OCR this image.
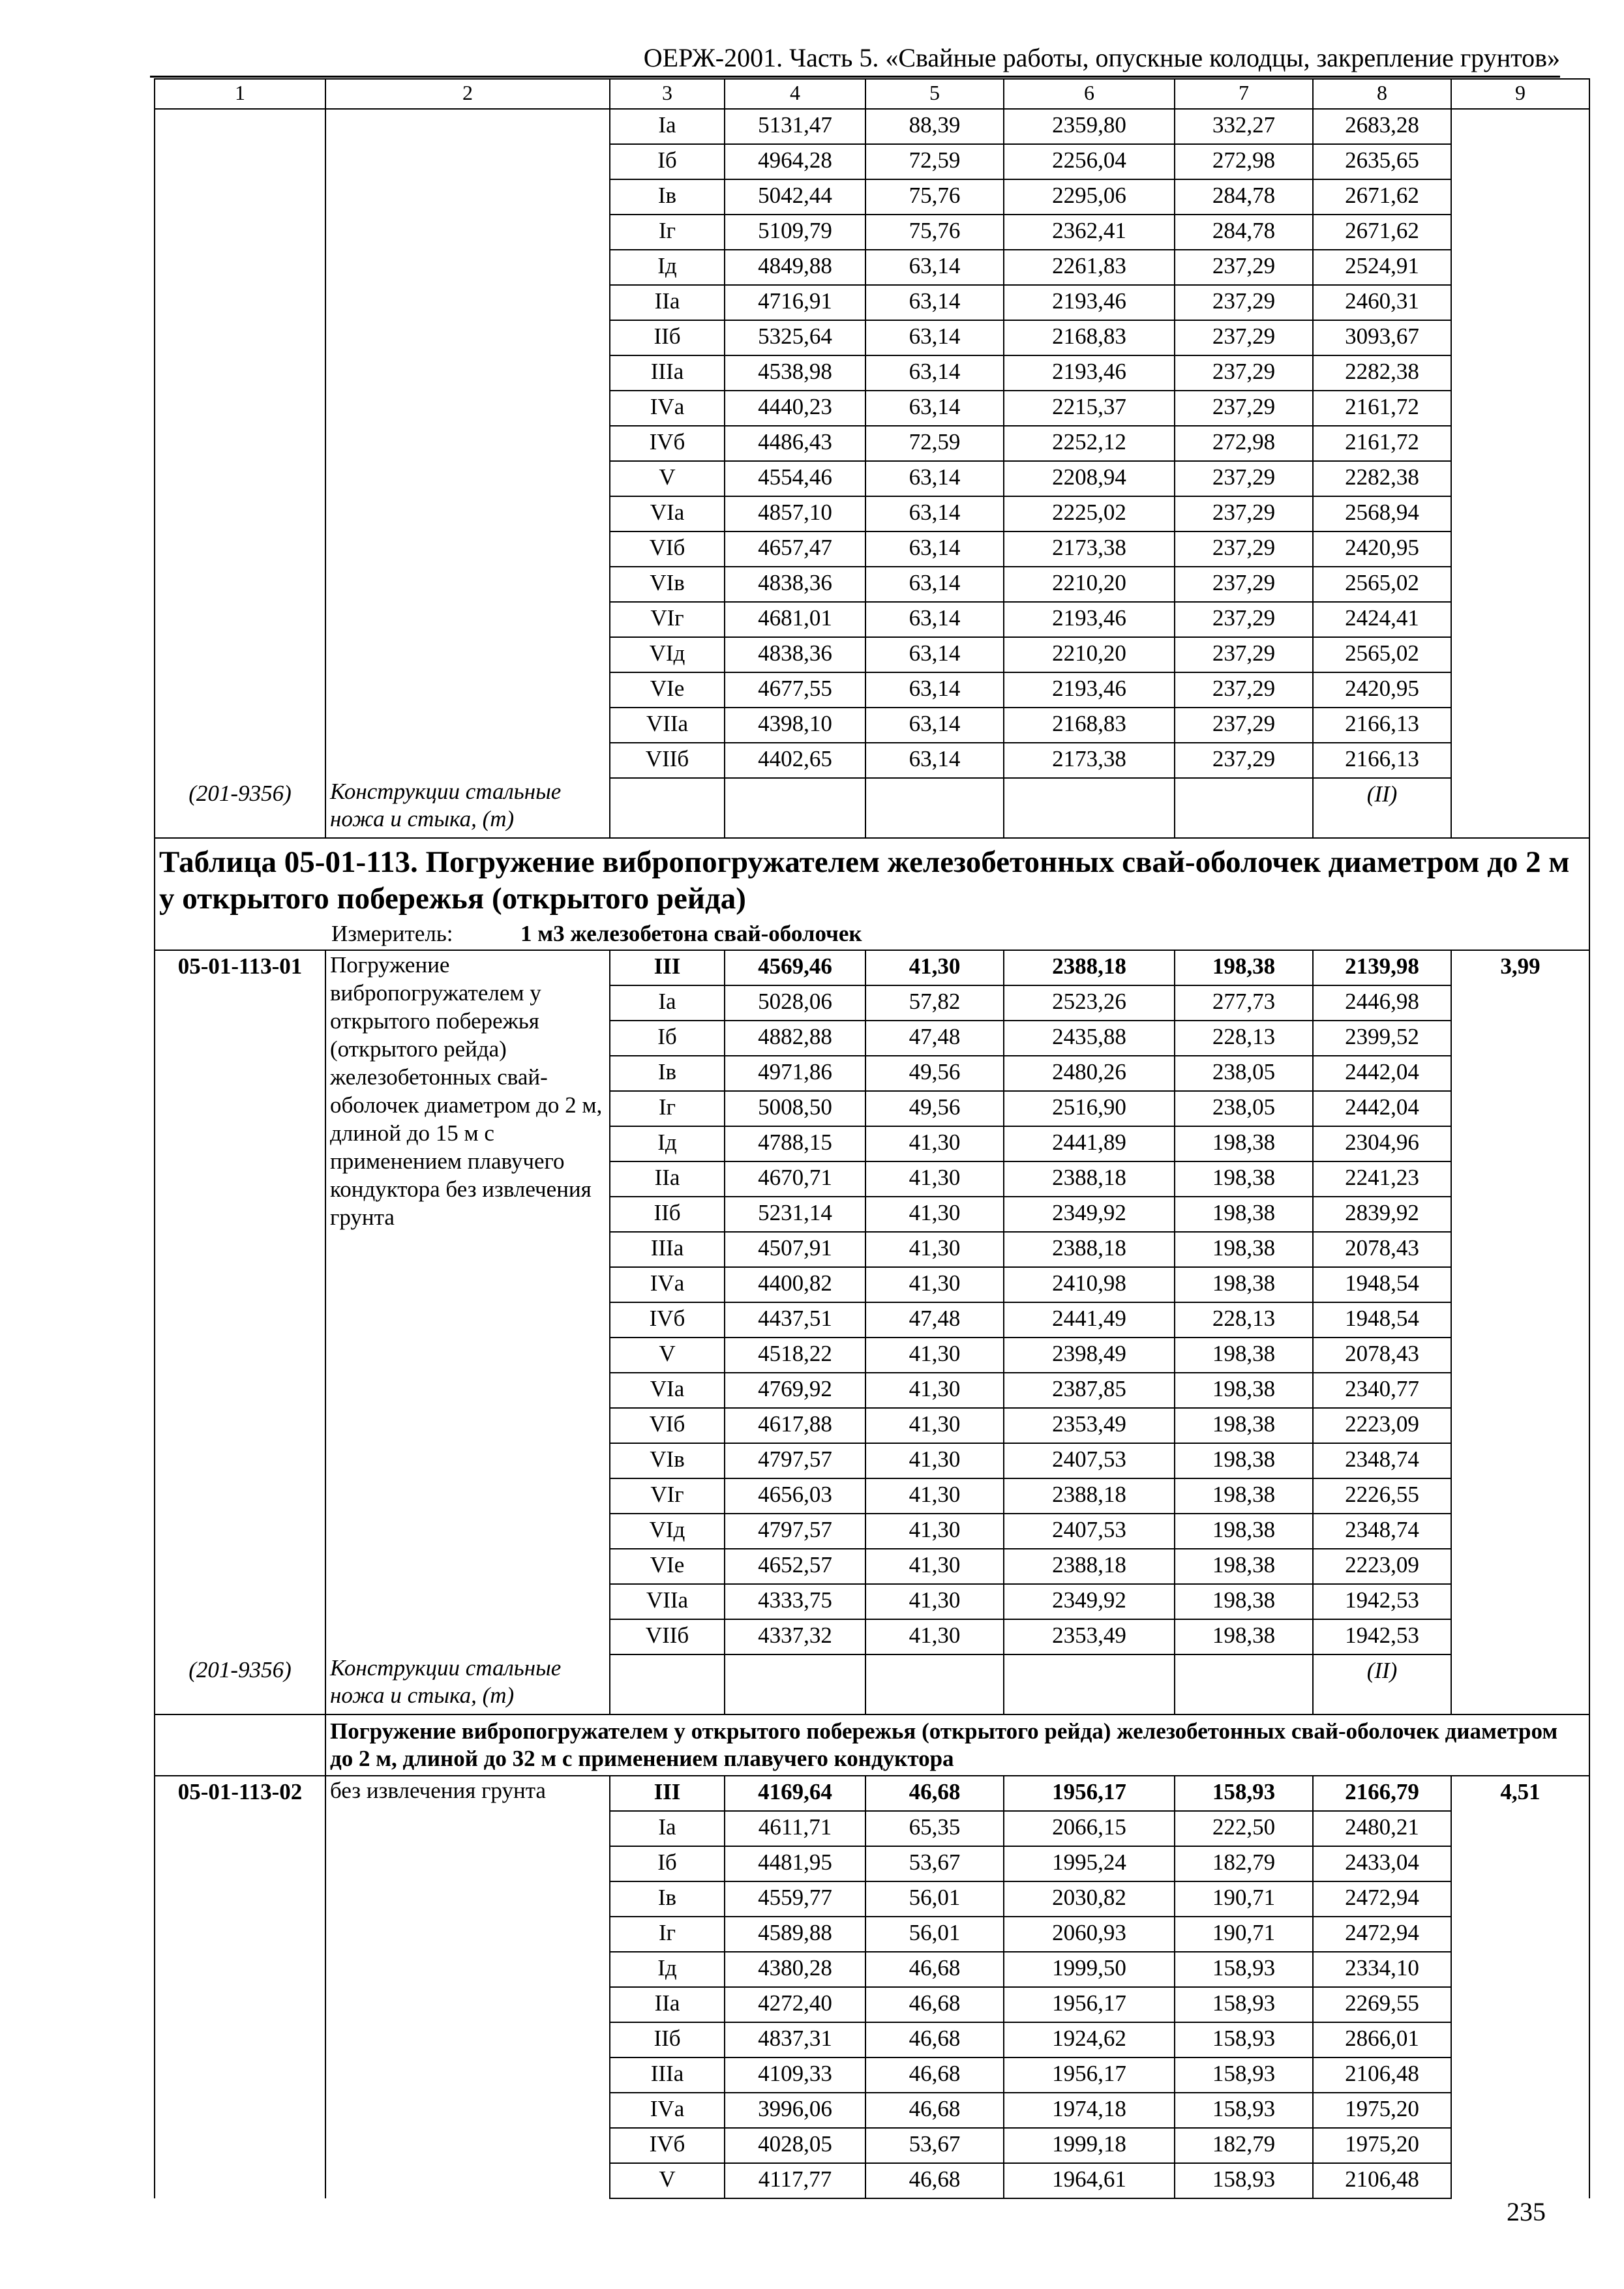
ОЕРЖ-2001. Часть 5. «Свайные работы, опускные колодцы, закрепление грунтов»
1	2	3	4	5	6	7	8	9
		Iа	5131,47	88,39	2359,80	332,27	2683,28	
		Iб	4964,28	72,59	2256,04	272,98	2635,65	
		Iв	5042,44	75,76	2295,06	284,78	2671,62	
		Iг	5109,79	75,76	2362,41	284,78	2671,62	
		Iд	4849,88	63,14	2261,83	237,29	2524,91	
		IIа	4716,91	63,14	2193,46	237,29	2460,31	
		IIб	5325,64	63,14	2168,83	237,29	3093,67	
		IIIа	4538,98	63,14	2193,46	237,29	2282,38	
		IVа	4440,23	63,14	2215,37	237,29	2161,72	
		IVб	4486,43	72,59	2252,12	272,98	2161,72	
		V	4554,46	63,14	2208,94	237,29	2282,38	
		VIа	4857,10	63,14	2225,02	237,29	2568,94	
		VIб	4657,47	63,14	2173,38	237,29	2420,95	
		VIв	4838,36	63,14	2210,20	237,29	2565,02	
		VIг	4681,01	63,14	2193,46	237,29	2424,41	
		VIд	4838,36	63,14	2210,20	237,29	2565,02	
		VIе	4677,55	63,14	2193,46	237,29	2420,95	
		VIIа	4398,10	63,14	2168,83	237,29	2166,13	
		VIIб	4402,65	63,14	2173,38	237,29	2166,13	
(201-9356)	Конструкции стальные ножа и стыка, (т)						(II)	

Таблица 05-01-113. Погружение вибропогружателем железобетонных свай-оболочек диаметром до 2 м у открытого побережья (открытого рейда)
Измеритель: 1 м3 железобетона свай-оболочек								

05-01-113-01	Погружение вибропогружателем у открытого побережья (открытого рейда) железобетонных свай-оболочек диаметром до 2 м, длиной до 15 м с применением плавучего кондуктора без извлечения грунта	III	4569,46	41,30	2388,18	198,38	2139,98	3,99
		Iа	5028,06	57,82	2523,26	277,73	2446,98	
		Iб	4882,88	47,48	2435,88	228,13	2399,52	
		Iв	4971,86	49,56	2480,26	238,05	2442,04	
		Iг	5008,50	49,56	2516,90	238,05	2442,04	
		Iд	4788,15	41,30	2441,89	198,38	2304,96	
		IIа	4670,71	41,30	2388,18	198,38	2241,23	
		IIб	5231,14	41,30	2349,92	198,38	2839,92	
		IIIа	4507,91	41,30	2388,18	198,38	2078,43	
		IVа	4400,82	41,30	2410,98	198,38	1948,54	
		IVб	4437,51	47,48	2441,49	228,13	1948,54	
		V	4518,22	41,30	2398,49	198,38	2078,43	
		VIа	4769,92	41,30	2387,85	198,38	2340,77	
		VIб	4617,88	41,30	2353,49	198,38	2223,09	
		VIв	4797,57	41,30	2407,53	198,38	2348,74	
		VIг	4656,03	41,30	2388,18	198,38	2226,55	
		VIд	4797,57	41,30	2407,53	198,38	2348,74	
		VIе	4652,57	41,30	2388,18	198,38	2223,09	
		VIIа	4333,75	41,30	2349,92	198,38	1942,53	
		VIIб	4337,32	41,30	2353,49	198,38	1942,53	
(201-9356)	Конструкции стальные ножа и стыка, (т)						(II)	
	Погружение вибропогружателем у открытого побережья (открытого рейда) железобетонных свай-оболочек диаметром до 2 м, длиной до 32 м с применением плавучего кондуктора							
05-01-113-02	без извлечения грунта	III	4169,64	46,68	1956,17	158,93	2166,79	4,51
		Iа	4611,71	65,35	2066,15	222,50	2480,21	
		Iб	4481,95	53,67	1995,24	182,79	2433,04	
		Iв	4559,77	56,01	2030,82	190,71	2472,94	
		Iг	4589,88	56,01	2060,93	190,71	2472,94	
		Iд	4380,28	46,68	1999,50	158,93	2334,10	
		IIа	4272,40	46,68	1956,17	158,93	2269,55	
		IIб	4837,31	46,68	1924,62	158,93	2866,01	
		IIIа	4109,33	46,68	1956,17	158,93	2106,48	
		IVа	3996,06	46,68	1974,18	158,93	1975,20	
		IVб	4028,05	53,67	1999,18	182,79	1975,20	
		V	4117,77	46,68	1964,61	158,93	2106,48	
235
